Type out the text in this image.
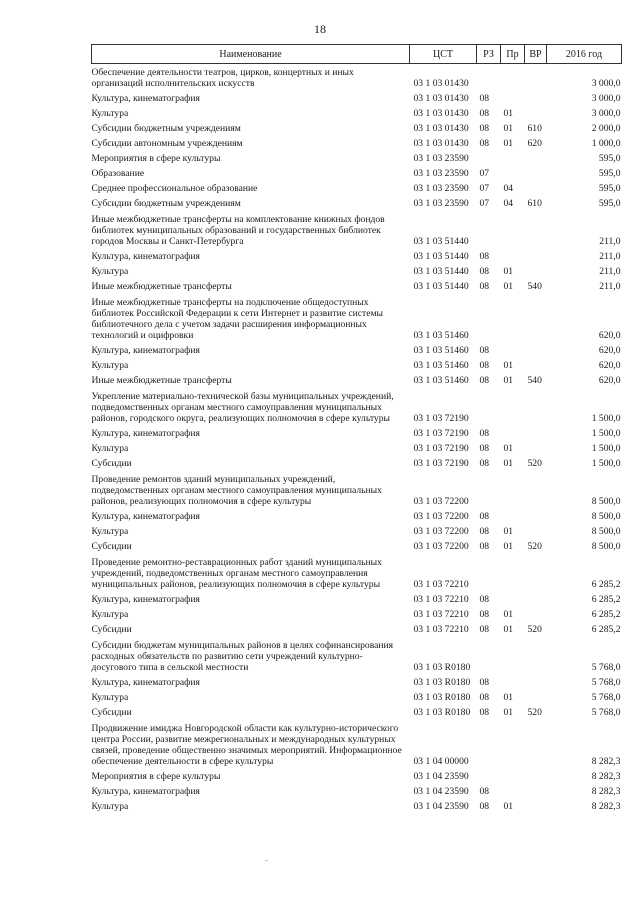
18
Наименование	ЦСТ	РЗ	Пр	ВР	2016 год
Обеспечение деятельности театров, цирков, концертных и иных организаций исполнительских искусств	03 1 03 01430				3 000,0
Культура, кинематография	03 1 03 01430	08			3 000,0
Культура	03 1 03 01430	08	01		3 000,0
Субсидии бюджетным учреждениям	03 1 03 01430	08	01	610	2 000,0
Субсидии автономным учреждениям	03 1 03 01430	08	01	620	1 000,0
Мероприятия в сфере культуры	03 1 03 23590				595,0
Образование	03 1 03 23590	07			595,0
Среднее профессиональное образование	03 1 03 23590	07	04		595,0
Субсидии бюджетным учреждениям	03 1 03 23590	07	04	610	595,0
Иные межбюджетные трансферты на комплектование книжных фондов библиотек муниципальных образований и государственных библиотек городов Москвы и Санкт-Петербурга	03 1 03 51440				211,0
Культура, кинематография	03 1 03 51440	08			211,0
Культура	03 1 03 51440	08	01		211,0
Иные межбюджетные трансферты	03 1 03 51440	08	01	540	211,0
Иные межбюджетные трансферты на подключение общедоступных библиотек Российской Федерации к сети Интернет и развитие системы библиотечного дела с учетом задачи расширения информационных технологий и оцифровки	03 1 03 51460				620,0
Культура, кинематография	03 1 03 51460	08			620,0
Культура	03 1 03 51460	08	01		620,0
Иные межбюджетные трансферты	03 1 03 51460	08	01	540	620,0
Укрепление материально-технической базы муниципальных учреждений, подведомственных органам местного самоуправления муниципальных районов, городского округа, реализующих полномочия в сфере культуры	03 1 03 72190				1 500,0
Культура, кинематография	03 1 03 72190	08			1 500,0
Культура	03 1 03 72190	08	01		1 500,0
Субсидии	03 1 03 72190	08	01	520	1 500,0
Проведение ремонтов зданий муниципальных учреждений, подведомственных органам местного самоуправления муниципальных районов, реализующих полномочия в сфере культуры	03 1 03 72200				8 500,0
Культура, кинематография	03 1 03 72200	08			8 500,0
Культура	03 1 03 72200	08	01		8 500,0
Субсидии	03 1 03 72200	08	01	520	8 500,0
Проведение ремонтно-реставрационных работ зданий муниципальных учреждений, подведомственных органам местного самоуправления муниципальных районов, реализующих полномочия в сфере культуры	03 1 03 72210				6 285,2
Культура, кинематография	03 1 03 72210	08			6 285,2
Культура	03 1 03 72210	08	01		6 285,2
Субсидии	03 1 03 72210	08	01	520	6 285,2
Субсидии бюджетам муниципальных районов в целях софинансирования расходных обязательств по развитию сети учреждений культурно-досугового типа в сельской местности	03 1 03 R0180				5 768,0
Культура, кинематография	03 1 03 R0180	08			5 768,0
Культура	03 1 03 R0180	08	01		5 768,0
Субсидии	03 1 03 R0180	08	01	520	5 768,0
Продвижение имиджа Новгородской области как культурно-исторического центра России, развитие межрегиональных и международных культурных связей, проведение общественно значимых мероприятий. Информационное обеспечение деятельности в сфере культуры	03 1 04 00000				8 282,3
Мероприятия в сфере культуры	03 1 04 23590				8 282,3
Культура, кинематография	03 1 04 23590	08			8 282,3
Культура	03 1 04 23590	08	01		8 282,3
